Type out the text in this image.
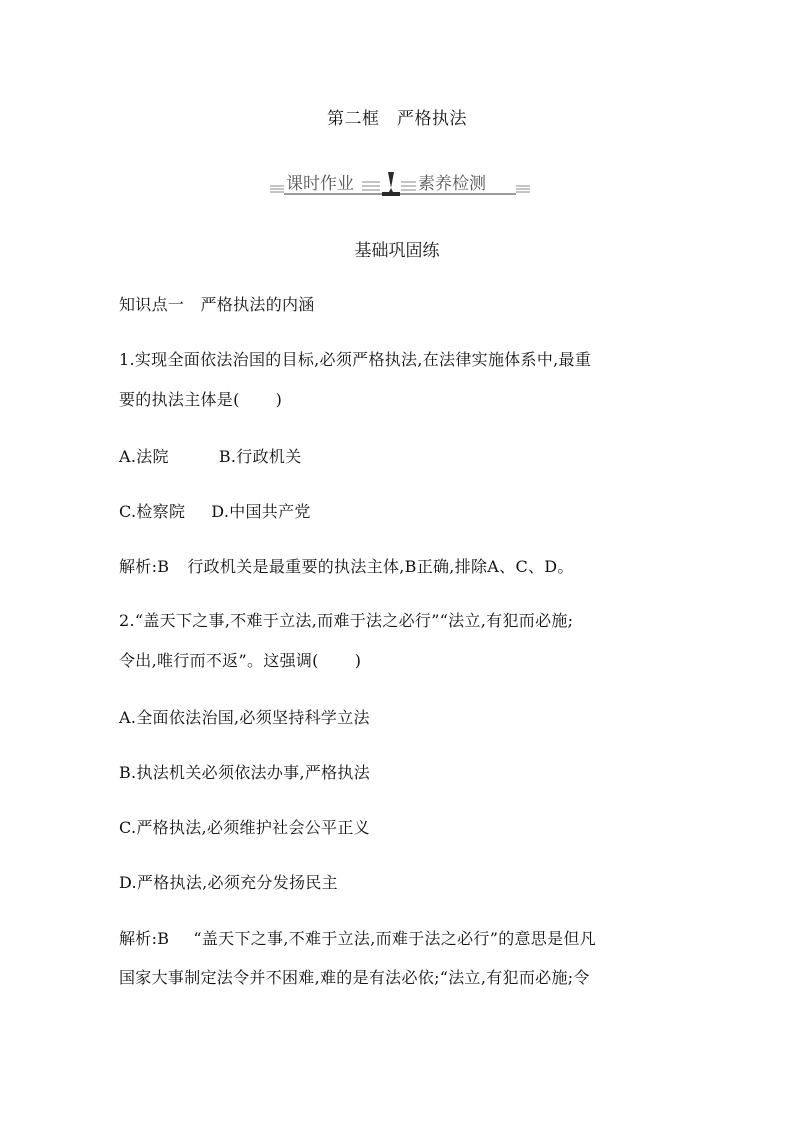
第二框　严格执法
课时作业	素养检测
基础巩固练
知识点一　严格执法的内涵
1.实现全面依法治国的目标,必须严格执法,在法律实施体系中,最重
要的执法主体是( )
A.法院	B.行政机关
C.检察院 D.中国共产党
解析:B 行政机关是最重要的执法主体,B正确,排除A、C、D。
2.“盖天下之事,不难于立法,而难于法之必行”“法立,有犯而必施;
令出,唯行而不返”。这强调( )
A.全面依法治国,必须坚持科学立法
B.执法机关必须依法办事,严格执法
C.严格执法,必须维护社会公平正义
D.严格执法,必须充分发扬民主
解析:B “盖天下之事,不难于立法,而难于法之必行”的意思是但凡
国家大事制定法令并不困难,难的是有法必依;“法立,有犯而必施;令
